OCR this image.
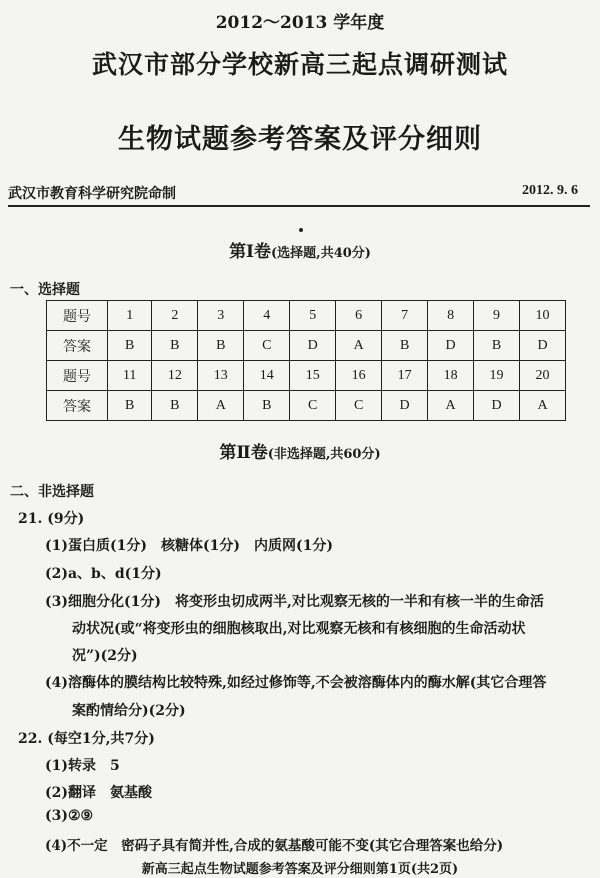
2012～2013 学年度
武汉市部分学校新高三起点调研测试
生物试题参考答案及评分细则
武汉市教育科学研究院命制	2012. 9. 6
第Ⅰ卷(选择题,共40分)
一、选择题
题号	1	2	3	4	5	6	7	8	9	10
答案	B	B	B	C	D	A	B	D	B	D
题号	11	12	13	14	15	16	17	18	19	20
答案	B	B	A	B	C	C	D	A	D	A
第Ⅱ卷(非选择题,共60分)
二、非选择题
21. (9分)
(1)蛋白质(1分)　核糖体(1分)　内质网(1分)
(2)a、b、d(1分)
(3)细胞分化(1分)　将变形虫切成两半,对比观察无核的一半和有核一半的生命活
动状况(或“将变形虫的细胞核取出,对比观察无核和有核细胞的生命活动状
况”)(2分)
(4)溶酶体的膜结构比较特殊,如经过修饰等,不会被溶酶体内的酶水解(其它合理答
案酌情给分)(2分)
22. (每空1分,共7分)
(1)转录　5
(2)翻译　氨基酸
(3)②⑨
(4)不一定　密码子具有简并性,合成的氨基酸可能不变(其它合理答案也给分)
新高三起点生物试题参考答案及评分细则第1页(共2页)
